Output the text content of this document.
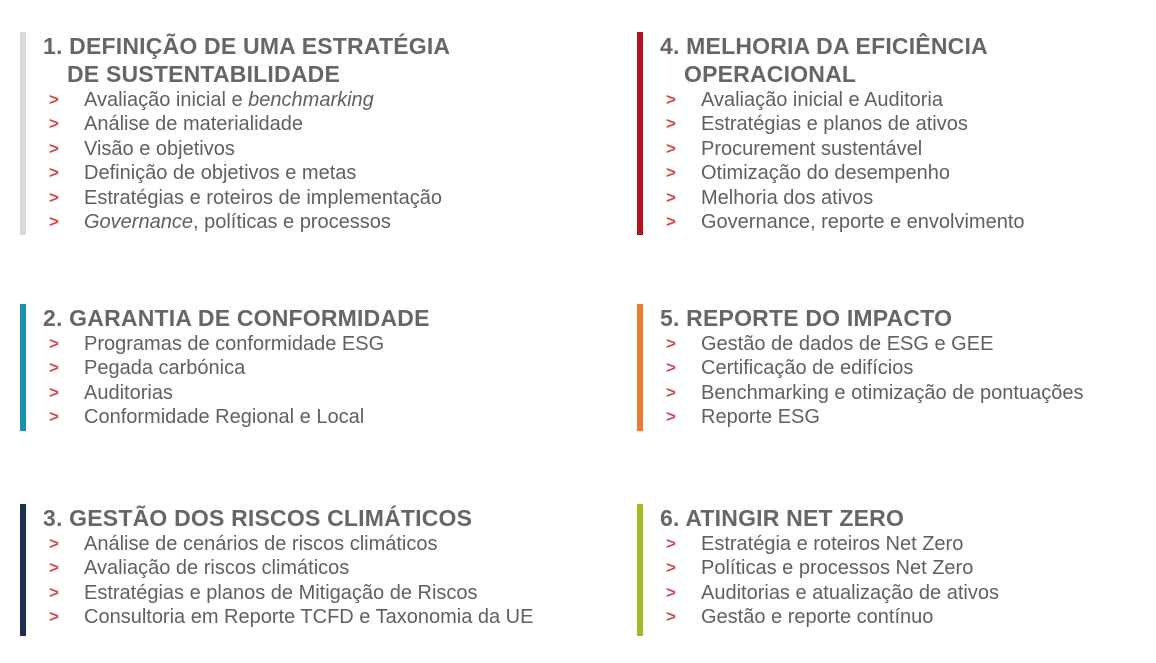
1. DEFINIÇÃO DE UMA ESTRATÉGIA
DE SUSTENTABILIDADE
> Avaliação inicial e benchmarking
> Análise de materialidade
> Visão e objetivos
> Definição de objetivos e metas
> Estratégias e roteiros de implementação
> Governance, políticas e processos
2. GARANTIA DE CONFORMIDADE
> Programas de conformidade ESG
> Pegada carbónica
> Auditorias
> Conformidade Regional e Local
3. GESTÃO DOS RISCOS CLIMÁTICOS
> Análise de cenários de riscos climáticos
> Avaliação de riscos climáticos
> Estratégias e planos de Mitigação de Riscos
> Consultoria em Reporte TCFD e Taxonomia da UE
4. MELHORIA DA EFICIÊNCIA
OPERACIONAL
> Avaliação inicial e Auditoria
> Estratégias e planos de ativos
> Procurement sustentável
> Otimização do desempenho
> Melhoria dos ativos
> Governance, reporte e envolvimento
5. REPORTE DO IMPACTO
> Gestão de dados de ESG e GEE
> Certificação de edifícios
> Benchmarking e otimização de pontuações
> Reporte ESG
6. ATINGIR NET ZERO
> Estratégia e roteiros Net Zero
> Políticas e processos Net Zero
> Auditorias e atualização de ativos
> Gestão e reporte contínuo
